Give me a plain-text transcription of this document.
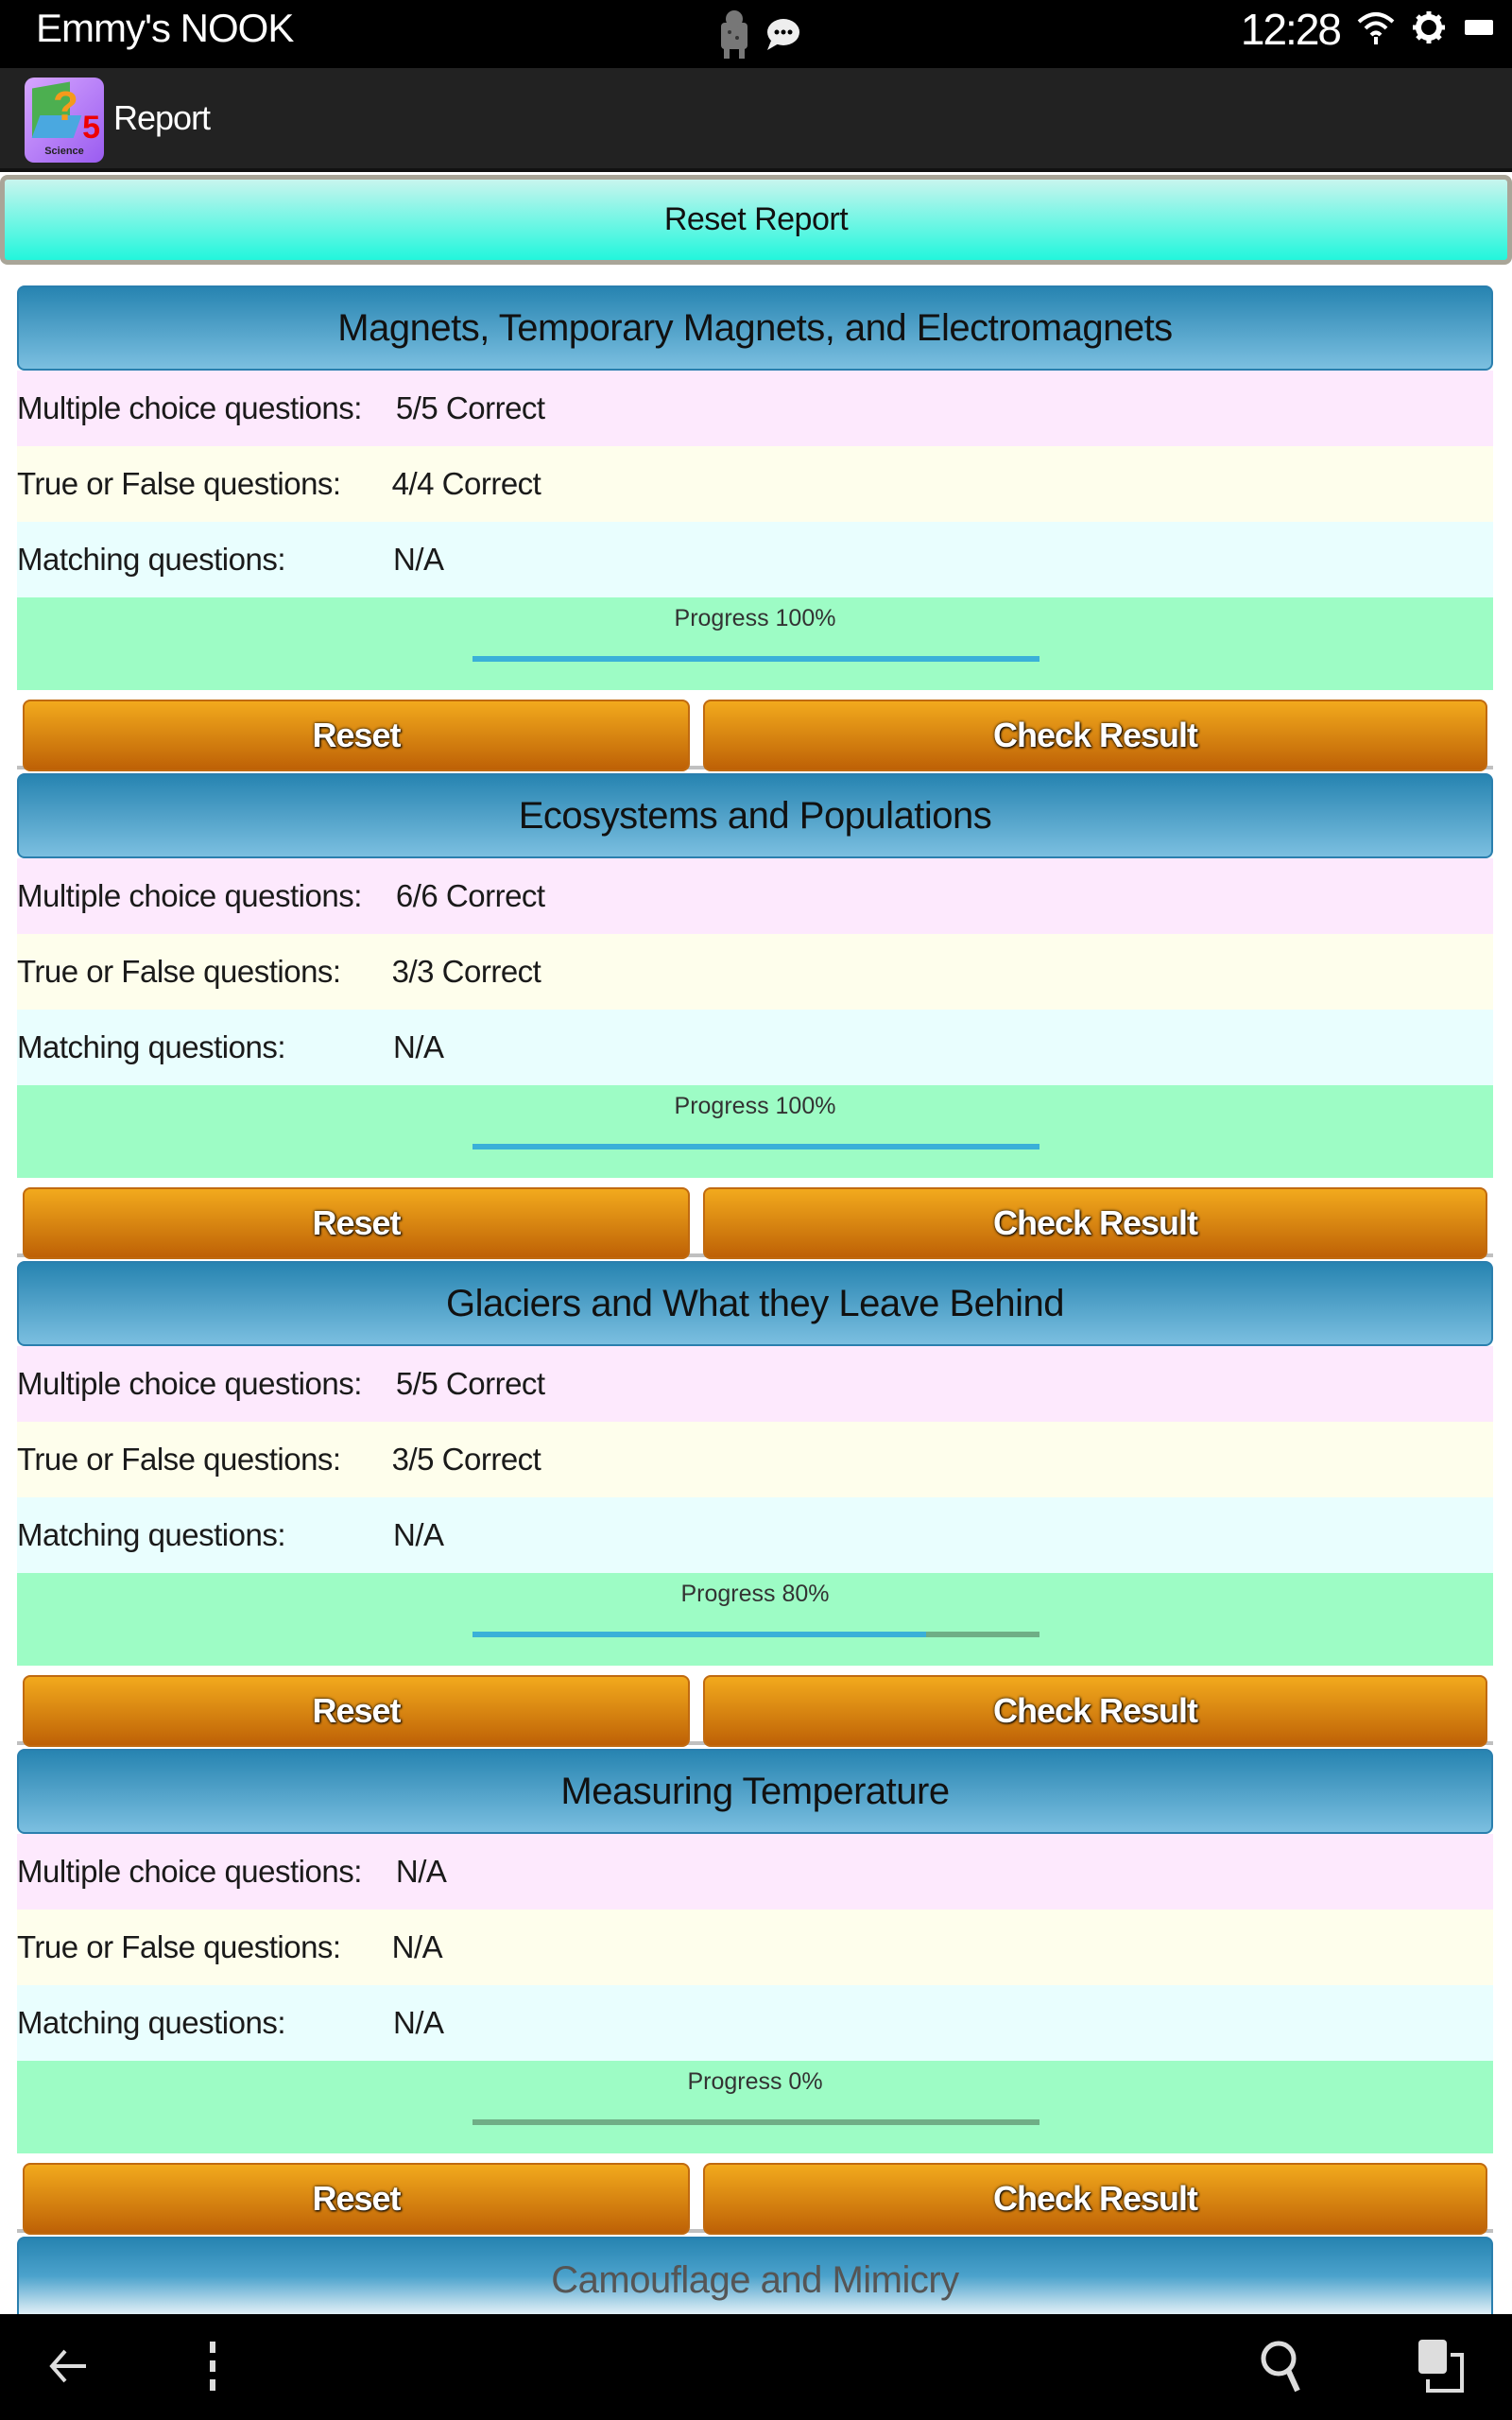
Emmy's NOOK	12:28
? 5
Science
Report
Reset Report
Magnets, Temporary Magnets, and Electromagnets
Multiple choice questions: 5/5 Correct
True or False questions: 4/4 Correct
Matching questions:	N/A
Progress 100%
Reset	Check Result
Ecosystems and Populations
Multiple choice questions: 6/6 Correct
True or False questions: 3/3 Correct
Matching questions:	N/A
Progress 100%
Reset	Check Result
Glaciers and What they Leave Behind
Multiple choice questions: 5/5 Correct
True or False questions: 3/5 Correct
Matching questions:	N/A
Progress 80%
Reset	Check Result
Measuring Temperature
Multiple choice questions: N/A
True or False questions: N/A
Matching questions:	N/A
Progress 0%
Reset	Check Result
Camouflage and Mimicry
